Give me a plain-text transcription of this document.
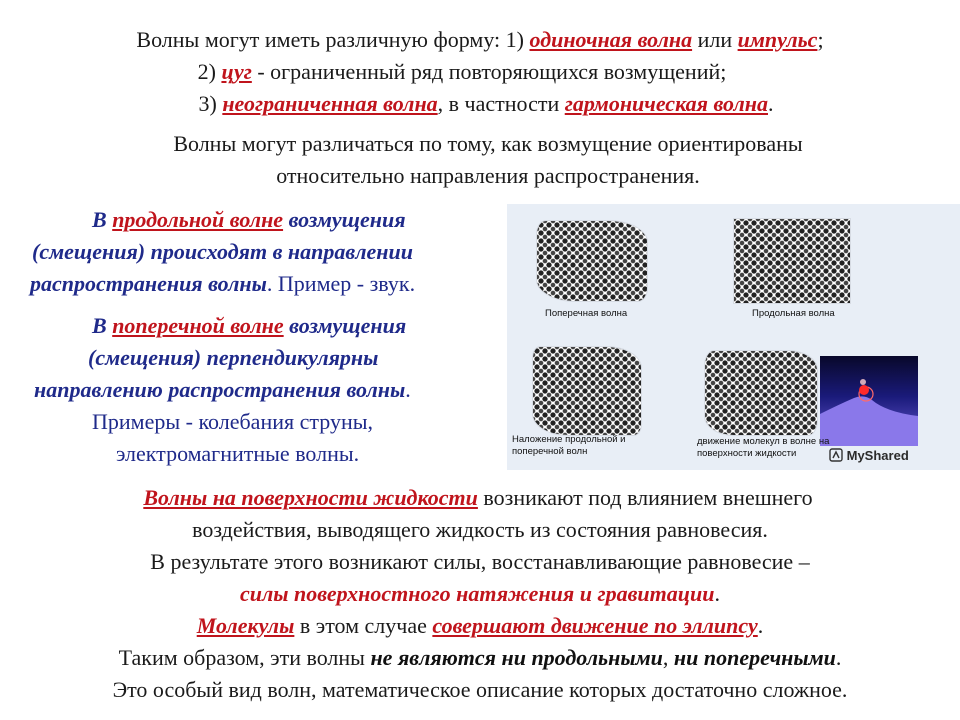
Волны могут иметь различную форму: 1) одиночная волна или импульс;
2) цуг - ограниченный ряд повторяющихся возмущений;
3) неограниченная волна, в частности гармоническая волна.
Волны могут различаться по тому, как возмущение ориентированы
относительно направления распространения.
В продольной волне возмущения
(смещения) происходят в направлении
распространения волны. Пример - звук.
В поперечной волне возмущения
(смещения) перпендикулярны
направлению распространения волны.
Примеры - колебания струны,
электромагнитные волны.
Поперечная волна	Продольная волна
Наложение продольной и
поперечной волн
движение молекул в волне на
поверхности жидкости	MyShared
Волны на поверхности жидкости возникают под влиянием внешнего
воздействия, выводящего жидкость из состояния равновесия.
В результате этого возникают силы, восстанавливающие равновесие –
силы поверхностного натяжения и гравитации.
Молекулы в этом случае совершают движение по эллипсу.
Таким образом, эти волны не являются ни продольными, ни поперечными.
Это особый вид волн, математическое описание которых достаточно сложное.
